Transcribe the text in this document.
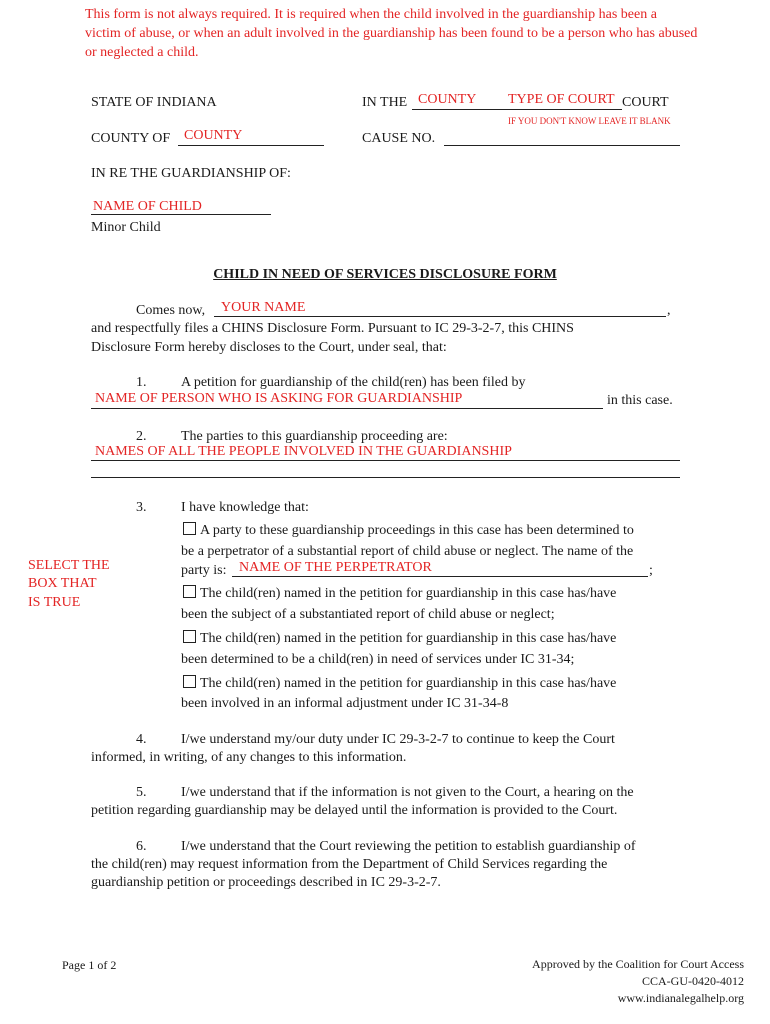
This form is not always required. It is required when the child involved in the guardianship has been a
victim of abuse, or when an adult involved in the guardianship has been found to be a person who has abused
or neglected a child.
STATE OF INDIANA	IN THE COUNTY TYPE OF COURT COURT
IF YOU DON'T KNOW LEAVE IT BLANK
COUNTY OF COUNTY	CAUSE NO.
IN RE THE GUARDIANSHIP OF:
NAME OF CHILD
Minor Child
CHILD IN NEED OF SERVICES DISCLOSURE FORM
Comes now, YOUR NAME	,
and respectfully files a CHINS Disclosure Form. Pursuant to IC 29-3-2-7, this CHINS
Disclosure Form hereby discloses to the Court, under seal, that:
1. A petition for guardianship of the child(ren) has been filed by
NAME OF PERSON WHO IS ASKING FOR GUARDIANSHIP	in this case.
2. The parties to this guardianship proceeding are:
NAMES OF ALL THE PEOPLE INVOLVED IN THE GUARDIANSHIP
3. I have knowledge that:
SELECT THE
BOX THAT
IS TRUE
A party to these guardianship proceedings in this case has been determined to
be a perpetrator of a substantial report of child abuse or neglect. The name of the
party is: NAME OF THE PERPETRATOR	;
The child(ren) named in the petition for guardianship in this case has/have
been the subject of a substantiated report of child abuse or neglect;
The child(ren) named in the petition for guardianship in this case has/have
been determined to be a child(ren) in need of services under IC 31-34;
The child(ren) named in the petition for guardianship in this case has/have
been involved in an informal adjustment under IC 31-34-8
4. I/we understand my/our duty under IC 29-3-2-7 to continue to keep the Court
informed, in writing, of any changes to this information.
5. I/we understand that if the information is not given to the Court, a hearing on the
petition regarding guardianship may be delayed until the information is provided to the Court.
6. I/we understand that the Court reviewing the petition to establish guardianship of
the child(ren) may request information from the Department of Child Services regarding the
guardianship petition or proceedings described in IC 29-3-2-7.
Page 1 of 2	Approved by the Coalition for Court Access
CCA-GU-0420-4012
www.indianalegalhelp.org
